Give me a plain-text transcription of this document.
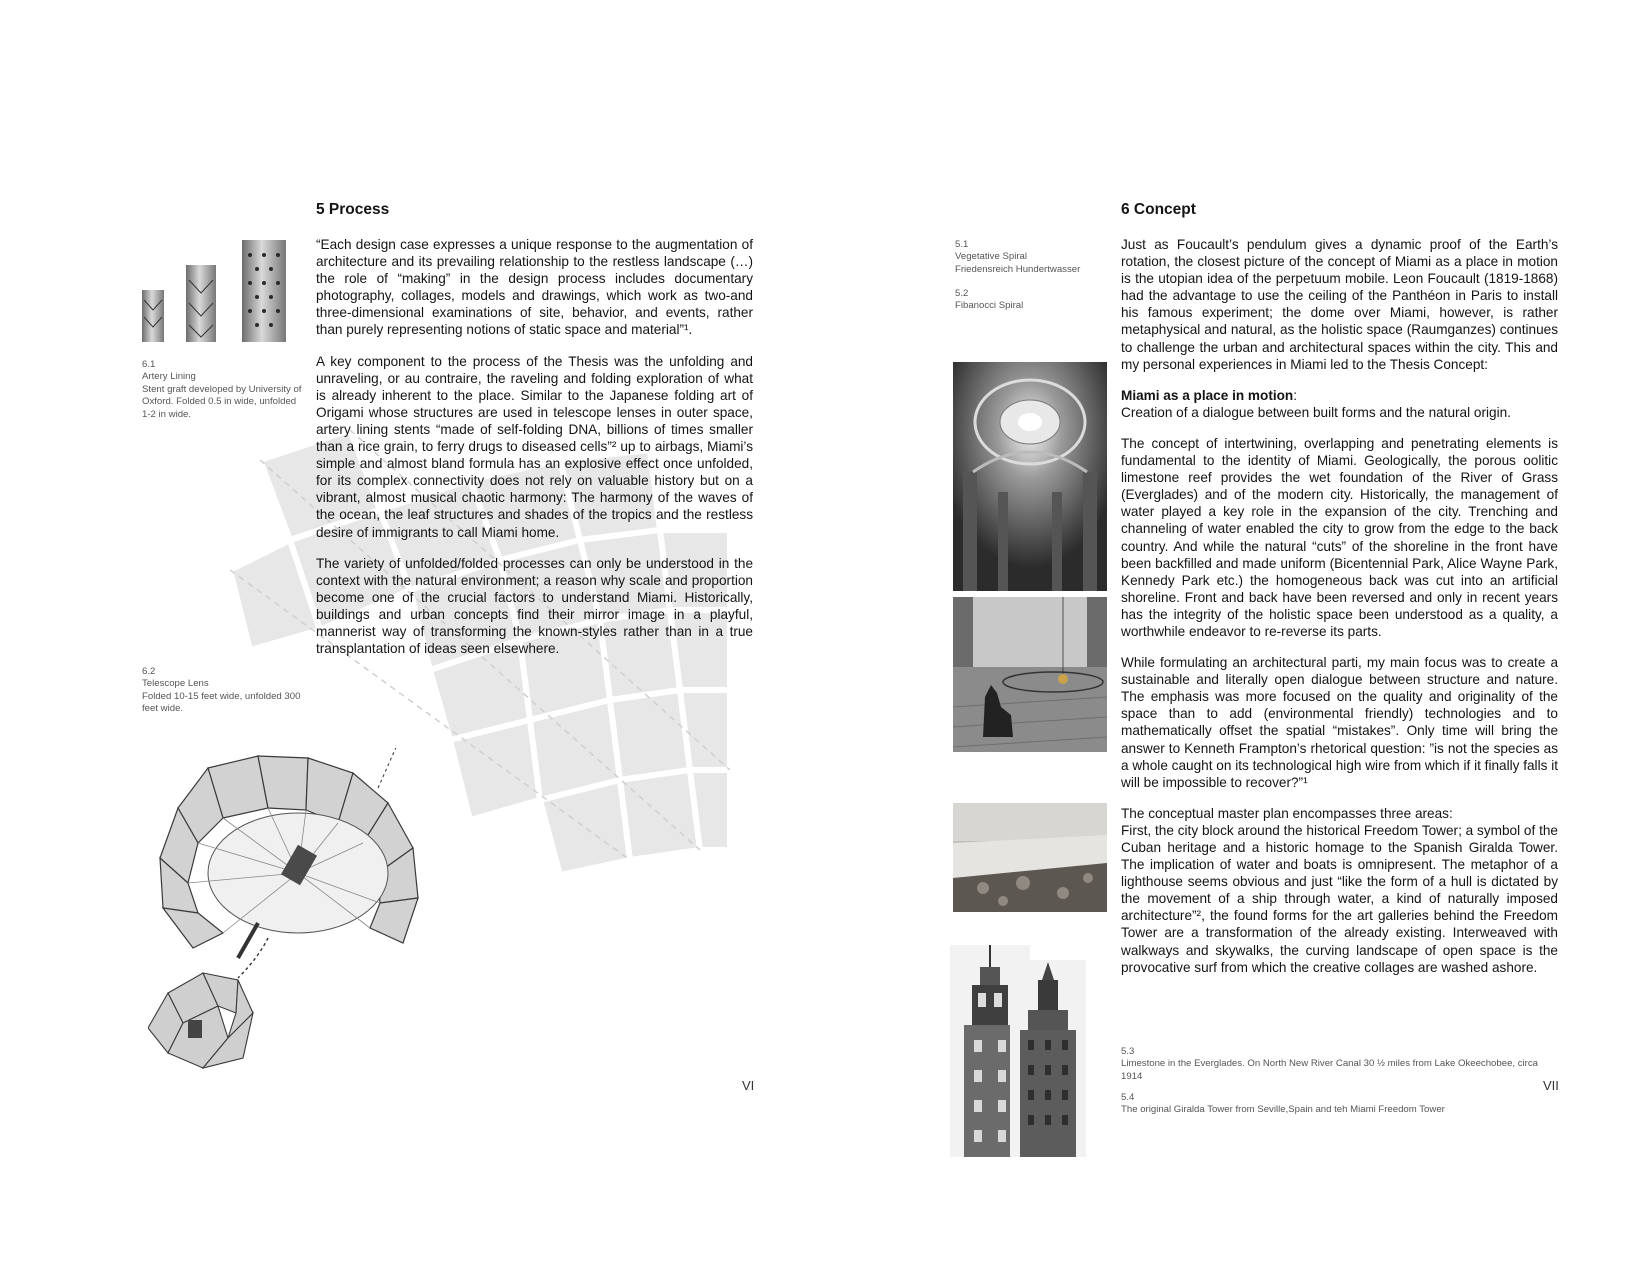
6.1
Artery Lining
Stent graft developed by University of Oxford. Folded 0.5 in wide, unfolded 1-2 in wide.
6.2
Telescope Lens
Folded 10-15 feet wide, unfolded 300 feet wide.
5 Process

“Each design case expresses a unique response to the augmentation of architecture and its prevailing relationship to the restless landscape (…) the role of “making” in the design process includes documentary photography, collages, models and drawings, which work as two-and three-dimensional examinations of site, behavior, and events, rather than purely representing notions of static space and material”¹.

A key component to the process of the Thesis was the unfolding and unraveling, or au contraire, the raveling and folding exploration of what is already inherent to the place. Similar to the Japanese folding art of Origami whose structures are used in telescope lenses in outer space, artery lining stents “made of self-folding DNA, billions of times smaller than a rice grain, to ferry drugs to diseased cells”² up to airbags, Miami’s simple and almost bland formula has an explosive effect once unfolded, for its complex connectivity does not rely on valuable history but on a vibrant, almost musical chaotic harmony: The harmony of the waves of the ocean, the leaf structures and shades of the tropics and the restless desire of immigrants to call Miami home.

The variety of unfolded/folded processes can only be understood in the context with the natural environment; a reason why scale and proportion become one of the crucial factors to understand Miami. Historically, buildings and urban concepts find their mirror image in a playful, mannerist way of transforming the known-styles rather than in a true transplantation of ideas seen elsewhere.

VI
5.1
Vegetative Spiral
Friedensreich Hundertwasser
5.2
Fibanocci Spiral
6 Concept

Just as Foucault’s pendulum gives a dynamic proof of the Earth’s rotation, the closest picture of the concept of Miami as a place in motion is the utopian idea of the perpetuum mobile. Leon Foucault (1819-1868) had the advantage to use the ceiling of the Panthéon in Paris to install his famous experiment; the dome over Miami, however, is rather metaphysical and natural, as the holistic space (Raumganzes) continues to challenge the urban and architectural spaces within the city. This and my personal experiences in Miami led to the Thesis Concept:

Miami as a place in motion:
Creation of a dialogue between built forms and the natural origin.

The concept of intertwining, overlapping and penetrating elements is fundamental to the identity of Miami. Geologically, the porous oolitic limestone reef provides the wet foundation of the River of Grass (Everglades) and of the modern city. Historically, the management of water played a key role in the expansion of the city. Trenching and channeling of water enabled the city to grow from the edge to the back country. And while the natural “cuts” of the shoreline in the front have been backfilled and made uniform (Bicentennial Park, Alice Wayne Park, Kennedy Park etc.) the homogeneous back was cut into an artificial shoreline. Front and back have been reversed and only in recent years has the integrity of the holistic space been understood as a quality, a worthwhile endeavor to re-reverse its parts.

While formulating an architectural parti, my main focus was to create a sustainable and literally open dialogue between structure and nature. The emphasis was more focused on the quality and originality of the space than to add (environmental friendly) technologies and to mathematically offset the spatial “mistakes”. Only time will bring the answer to Kenneth Frampton’s rhetorical question: ”is not the species as a whole caught on its technological high wire from which if it finally falls it will be impossible to recover?”¹

The conceptual master plan encompasses three areas:
First, the city block around the historical Freedom Tower; a symbol of the Cuban heritage and a historic homage to the Spanish Giralda Tower. The implication of water and boats is omnipresent. The metaphor of a lighthouse seems obvious and just “like the form of a hull is dictated by the movement of a ship through water, a kind of naturally imposed architecture”², the found forms for the art galleries behind the Freedom Tower are a transformation of the already existing. Interweaved with walkways and skywalks, the curving landscape of open space is the provocative surf from which the creative collages are washed ashore.

5.3
Limestone in the Everglades. On North New River Canal 30 ½ miles from Lake Okeechobee, circa 1914
5.4
The original Giralda Tower from Seville,Spain and teh Miami Freedom Tower
VII
